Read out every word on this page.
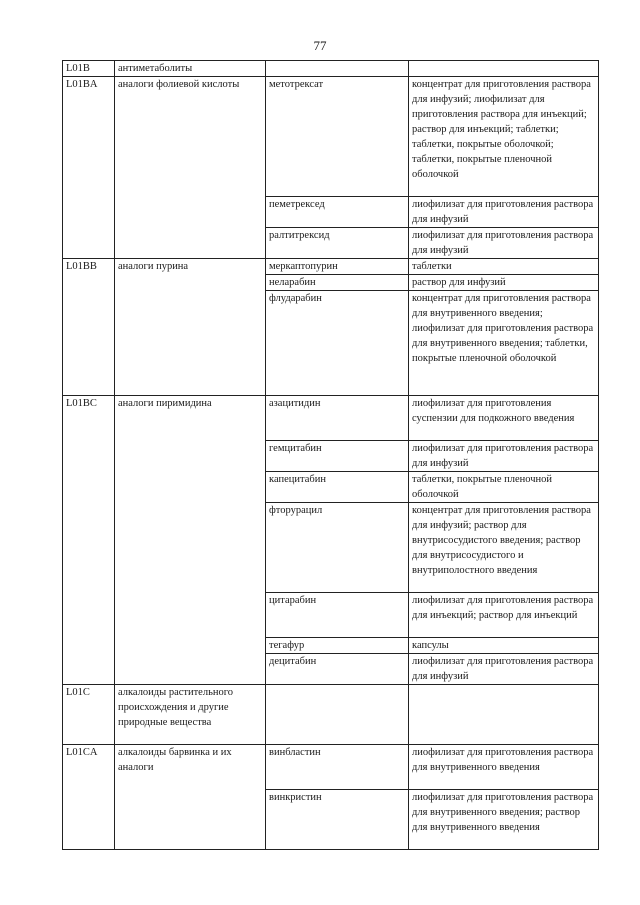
77
L01B	антиметаболиты		
L01BA	аналоги фолиевой кислоты	метотрексат	концентрат для приготовления раствора для инфузий; лиофилизат для приготовления раствора для инъекций; раствор для инъекций; таблетки; таблетки, покрытые оболочкой; таблетки, покрытые пленочной оболочкой
		пеметрексед	лиофилизат для приготовления раствора для инфузий
		ралтитрексид	лиофилизат для приготовления раствора для инфузий
L01BB	аналоги пурина	меркаптопурин	таблетки
		неларабин	раствор для инфузий
		флударабин	концентрат для приготовления раствора для внутривенного введения; лиофилизат для приготовления раствора для внутривенного введения; таблетки, покрытые пленочной оболочкой
L01BC	аналоги пиримидина	азацитидин	лиофилизат для приготовления суспензии для подкожного введения
		гемцитабин	лиофилизат для приготовления раствора для инфузий
		капецитабин	таблетки, покрытые пленочной оболочкой
		фторурацил	концентрат для приготовления раствора для инфузий; раствор для внутрисосудистого введения; раствор для внутрисосудистого и внутриполостного введения
		цитарабин	лиофилизат для приготовления раствора для инъекций; раствор для инъекций
		тегафур	капсулы
		децитабин	лиофилизат для приготовления раствора для инфузий
L01C	алкалоиды растительного происхождения и другие природные вещества		
L01CA	алкалоиды барвинка и их аналоги	винбластин	лиофилизат для приготовления раствора для внутривенного введения
		винкристин	лиофилизат для приготовления раствора для внутривенного введения; раствор для внутривенного введения
